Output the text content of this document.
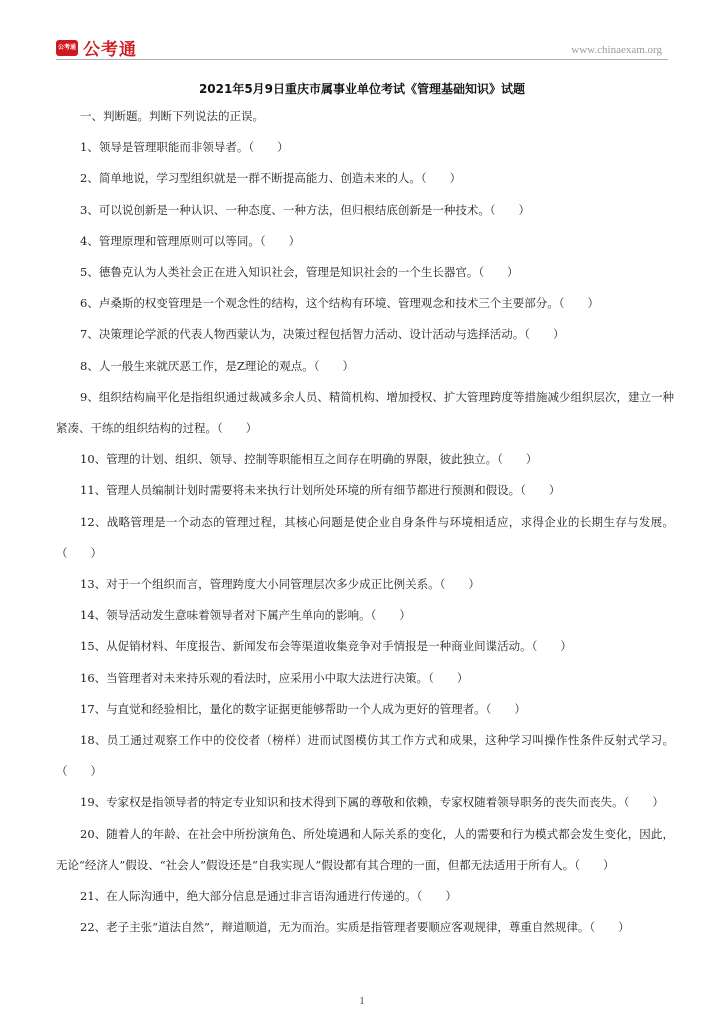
公考通 公考通	www.chinaexam.org
2021年5月9日重庆市属事业单位考试《管理基础知识》试题

一、判断题。判断下列说法的正误。

1、领导是管理职能而非领导者。（　　）

2、简单地说，学习型组织就是一群不断提高能力、创造未来的人。（　　）

3、可以说创新是一种认识、一种态度、一种方法，但归根结底创新是一种技术。（　　）

4、管理原理和管理原则可以等同。（　　）

5、德鲁克认为人类社会正在进入知识社会，管理是知识社会的一个生长器官。（　　）

6、卢桑斯的权变管理是一个观念性的结构，这个结构有环境、管理观念和技术三个主要部分。（　　）

7、决策理论学派的代表人物西蒙认为，决策过程包括智力活动、设计活动与选择活动。（　　）

8、人一般生来就厌恶工作，是Z理论的观点。（　　）

9、组织结构扁平化是指组织通过裁减多余人员、精简机构、增加授权、扩大管理跨度等措施减少组织层次，建立一种紧凑、干练的组织结构的过程。（　　）

10、管理的计划、组织、领导、控制等职能相互之间存在明确的界限，彼此独立。（　　）

11、管理人员编制计划时需要将未来执行计划所处环境的所有细节都进行预测和假设。（　　）

12、战略管理是一个动态的管理过程，其核心问题是使企业自身条件与环境相适应，求得企业的长期生存与发展。（　　）

13、对于一个组织而言，管理跨度大小同管理层次多少成正比例关系。（　　）

14、领导活动发生意味着领导者对下属产生单向的影响。（　　）

15、从促销材料、年度报告、新闻发布会等渠道收集竞争对手情报是一种商业间谍活动。（　　）

16、当管理者对未来持乐观的看法时，应采用小中取大法进行决策。（　　）

17、与直觉和经验相比，量化的数字证据更能够帮助一个人成为更好的管理者。（　　）

18、员工通过观察工作中的佼佼者（榜样）进而试图模仿其工作方式和成果，这种学习叫操作性条件反射式学习。（　　）

19、专家权是指领导者的特定专业知识和技术得到下属的尊敬和依赖，专家权随着领导职务的丧失而丧失。（　　）

20、随着人的年龄、在社会中所扮演角色、所处境遇和人际关系的变化，人的需要和行为模式都会发生变化，因此，无论“经济人”假设、“社会人”假设还是“自我实现人”假设都有其合理的一面，但都无法适用于所有人。（　　）

21、在人际沟通中，绝大部分信息是通过非言语沟通进行传递的。（　　）

22、老子主张“道法自然”，辩道顺道，无为而治。实质是指管理者要顺应客观规律，尊重自然规律。（　　）

1
